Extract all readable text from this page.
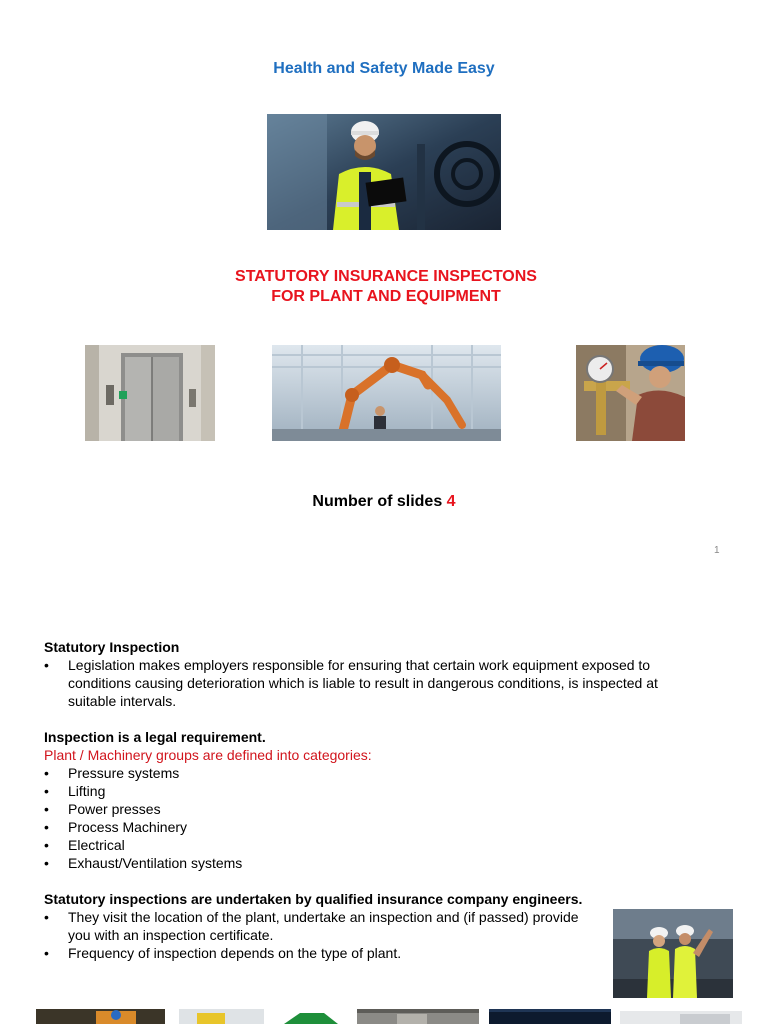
Health and Safety Made Easy
STATUTORY INSURANCE INSPECTONS
FOR PLANT AND EQUIPMENT
Number of slides 4
1
Statutory Inspection
• Legislation makes employers responsible for ensuring that certain work equipment exposed to conditions causing deterioration which is liable to result in dangerous conditions, is inspected at suitable intervals.
Inspection is a legal requirement.
Plant / Machinery groups are defined into categories:
• Pressure systems
• Lifting
• Power presses
• Process Machinery
• Electrical
• Exhaust/Ventilation systems
Statutory inspections are undertaken by qualified insurance company engineers.
• They visit the location of the plant, undertake an inspection and (if passed) provide
you with an inspection certificate.
• Frequency of inspection depends on the type of plant.
